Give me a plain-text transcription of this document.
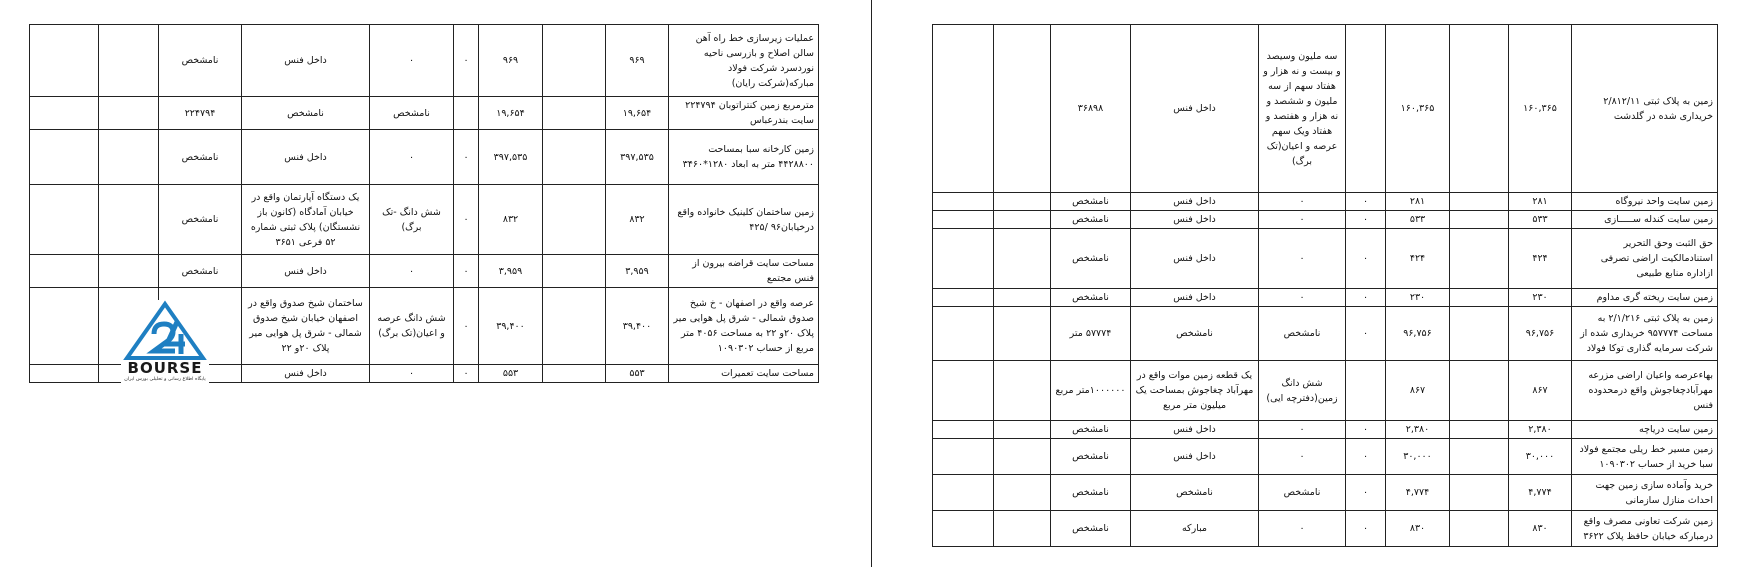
عملیات زیرسازی خط راه آهن سالن اصلاح و بازرسی ناحیه نوردسرد شرکت فولاد مبارکه(شرکت رایان)	۹۶۹		۹۶۹	۰	۰	داخل فنس	نامشخص		
مترمربع زمین کنتراتوبان ۲۲۴۷۹۴ سایت بندرعباس	۱۹,۶۵۴		۱۹,۶۵۴		نامشخص	نامشخص	۲۲۴۷۹۴		
زمین کارخانه سبا بمساحت ۴۴۲۸۸۰۰ متر به ابعاد ۱۲۸۰*۳۴۶۰	۳۹۷,۵۳۵		۳۹۷,۵۳۵	۰	۰	داخل فنس	نامشخص		
زمین ساختمان کلینیک خانواده واقع درخیابان۹۶ /۴۲۵	۸۳۲		۸۳۲	۰	شش دانگ -تک برگ)	یک دستگاه آپارتمان واقع در خیابان آمادگاه (کانون باز نشستگان) پلاک ثبتی شماره ۵۲ فرعی ۳۶۵۱	نامشخص		
مساحت سایت قراضه بیرون از فنس مجتمع	۳,۹۵۹		۳,۹۵۹	۰	۰	داخل فنس	نامشخص		
عرصه واقع در اصفهان - خ شیخ صدوق شمالی - شرق پل هوایی میر پلاک ۲۰و ۲۲ به مساحت ۴۰۵۶ متر مربع از حساب ۱۰۹۰۳۰۲	۳۹,۴۰۰		۳۹,۴۰۰	۰	شش دانگ عرصه و اعیان(تک برگ)	ساختمان شیخ صدوق واقع در اصفهان خیابان شیخ صدوق شمالی - شرق پل هوایی میر پلاک ۲۰و ۲۲			
مساحت سایت تعمیرات	۵۵۳		۵۵۳	۰	۰	داخل فنس			
زمین به پلاک ثبتی ۲/۸۱۲/۱۱ خریداری شده در گلدشت	۱۶۰,۳۶۵		۱۶۰,۳۶۵		سه ملیون وسیصد و بیست و نه هزار و هفتاد سهم از سه ملیون و ششصد و نه هزار و هفتصد و هفتاد ویک سهم عرصه و اعیان(تک برگ)	داخل فنس	۳۶۸۹۸		
زمین سایت واحد نیروگاه	۲۸۱		۲۸۱	۰	۰	داخل فنس	نامشخص		
زمین سایت کندله ســـــازی	۵۳۳		۵۳۳	۰	۰	داخل فنس	نامشخص		
حق الثبت وحق التحریر استنادمالکیت اراضی تصرفی ازاداره منابع طبیعی	۴۲۴		۴۲۴	۰	۰	داخل فنس	نامشخص		
زمین سایت ریخته گری مداوم	۲۳۰		۲۳۰	۰	۰	داخل فنس	نامشخص		
زمین به پلاک ثبتی ۲/۱/۲۱۶ به مساحت ۹۵۷۷۷۴ خریداری شده از شرکت سرمایه گذاری توکا فولاد	۹۶,۷۵۶		۹۶,۷۵۶	۰	نامشخص	نامشخص	۵۷۷۷۴ متر		
بهاءعرصه واعیان اراضی مزرعه مهرآبادچغاجوش واقع درمحدوده فنس	۸۶۷		۸۶۷		شش دانگ زمین(دفترچه ایی)	یک قطعه زمین موات واقع در مهرآباد چغاجوش بمساحت یک میلیون متر مربع	۱۰۰۰۰۰۰متر مربع		
زمین سایت دریاچه	۲,۳۸۰		۲,۳۸۰	۰	۰	داخل فنس	نامشخص		
زمین مسیر خط ریلی مجتمع فولاد سبا خرید از حساب ۱۰۹۰۳۰۲	۳۰,۰۰۰		۳۰,۰۰۰	۰	۰	داخل فنس	نامشخص		
خرید وآماده سازی زمین جهت احداث منازل سازمانی	۴,۷۷۴		۴,۷۷۴	۰	نامشخص	نامشخص	نامشخص		
زمین شرکت تعاونی مصرف واقع درمبارکه خیابان حافظ پلاک ۳۶۲۲	۸۳۰		۸۳۰	۰	۰	مبارکه	نامشخص		
BOURSE
پایگاه اطلاع رسانی و تحلیلی بورس ایران
